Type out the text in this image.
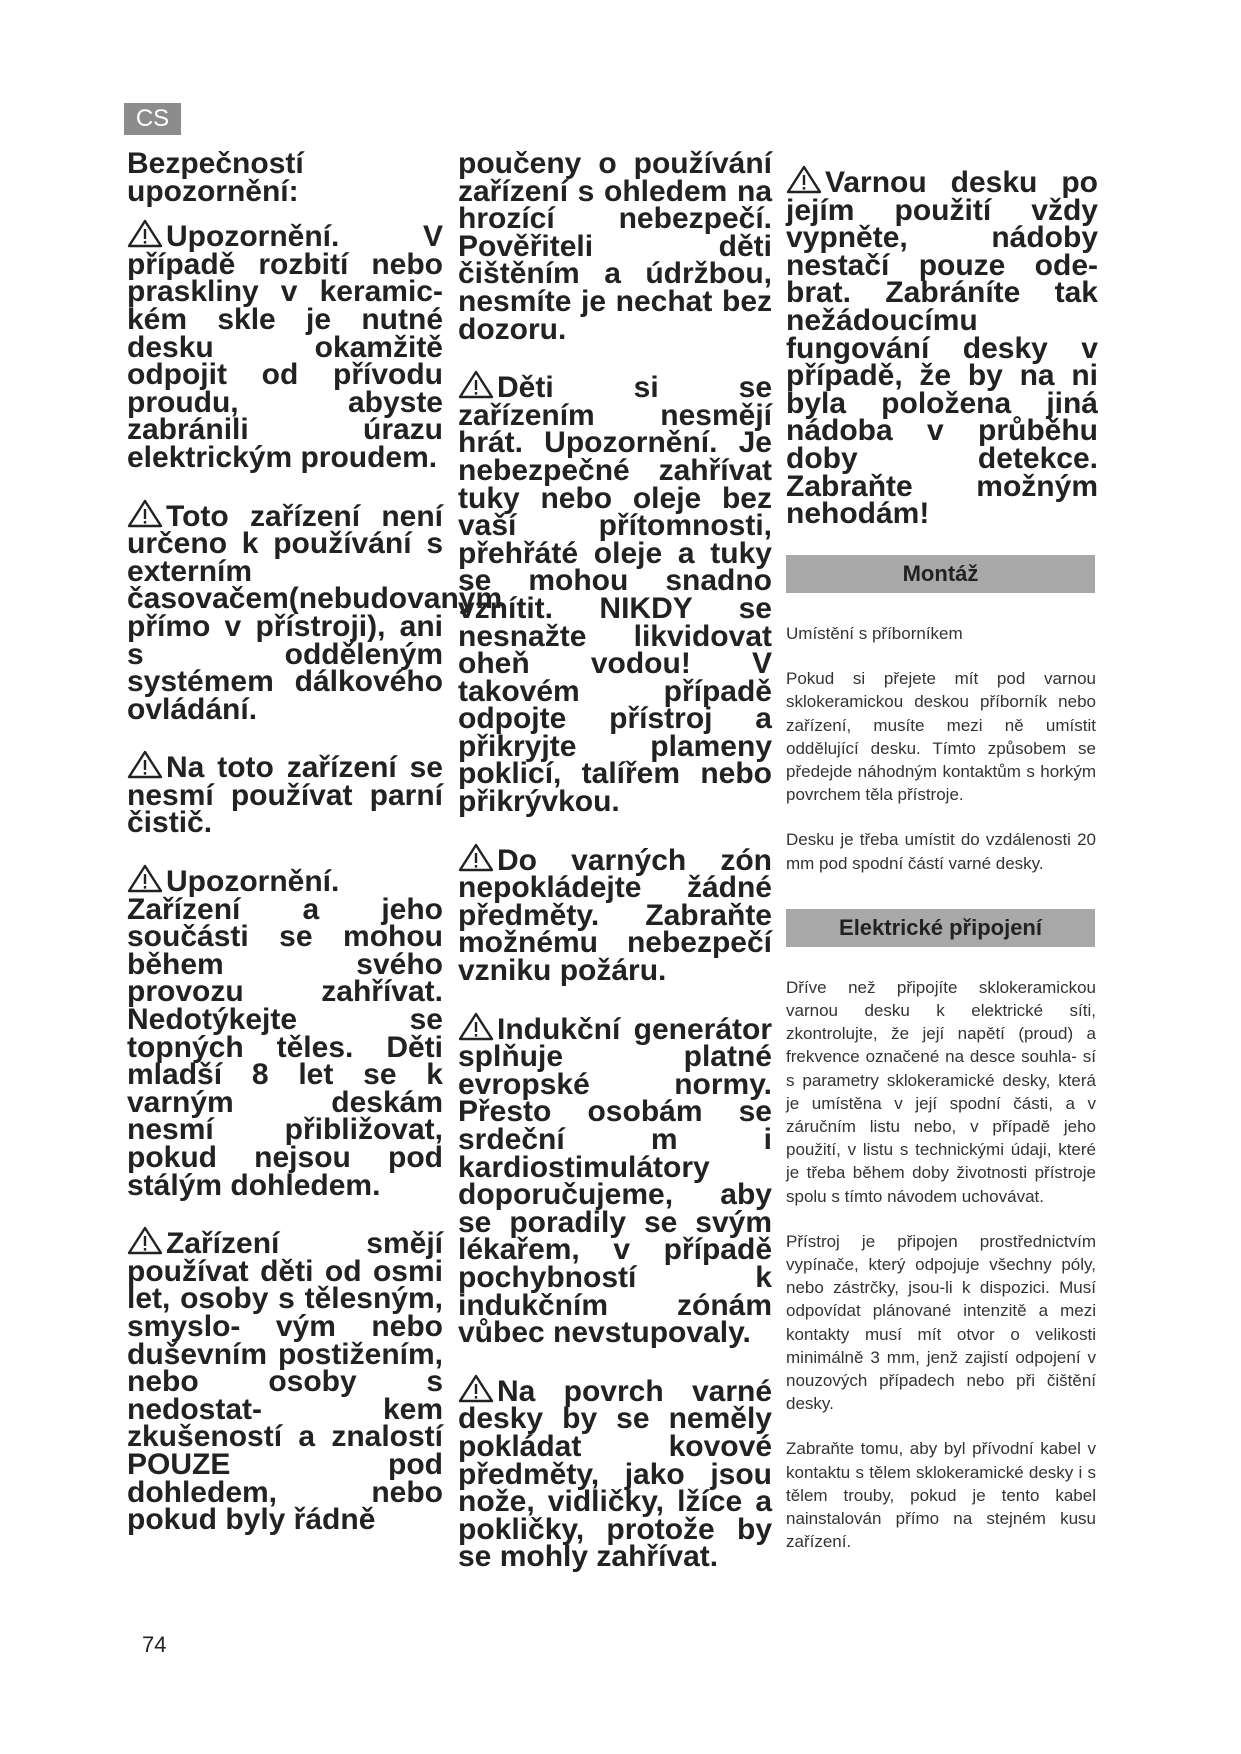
CS

Bezpečností upozornění:

Upozornění. V případě rozbití nebo praskliny v keramic- kém skle je nutné desku okamžitě odpojit od přívodu proudu, abyste zabránili úrazu elektrickým proudem.

Toto zařízení není určeno k používání s externím časovačem(nebudovaným přímo v přístroji), ani s odděleným systémem dálkového ovládání.

Na toto zařízení se nesmí používat parní čistič.

Upozornění. Zařízení a jeho součásti se mohou během svého provozu zahřívat. Nedotýkejte se topných těles. Děti mladší 8 let se k varným deskám nesmí přibližovat, pokud nejsou pod stálým dohledem.

Zařízení smějí používat děti od osmi let, osoby s tělesným, smyslo- vým nebo duševním postižením, nebo osoby s nedostat- kem zkušeností a znalostí POUZE pod dohledem, nebo pokud byly řádně

poučeny o používání zařízení s ohledem na hrozící nebezpečí. Pověřiteli děti čištěním a údržbou, nesmíte je nechat bez dozoru.

Děti si se zařízením nesmějí hrát. Upozornění. Je nebezpečné zahřívat tuky nebo oleje bez vaší přítomnosti, přehřáté oleje a tuky se mohou snadno vznítit. NIKDY se nesnažte likvidovat oheň vodou! V takovém případě odpojte přístroj a přikryjte plameny poklicí, talířem nebo přikrývkou.

Do varných zón nepokládejte žádné předměty. Zabraňte možnému nebezpečí vzniku požáru.

Indukční generátor splňuje platné evropské normy. Přesto osobám se srdeční m i kardiostimulátory doporučujeme, aby se poradily se svým lékařem, v případě pochybností k indukčním zónám vůbec nevstupovaly.

Na povrch varné desky by se neměly pokládat kovové předměty, jako jsou nože, vidličky, lžíce a pokličky, protože by se mohly zahřívat.

Varnou desku po jejím použití vždy vypněte, nádoby nestačí pouze ode- brat. Zabráníte tak nežádoucímu fungování desky v případě, že by na ni byla položena jiná nádoba v průběhu doby detekce. Zabraňte možným nehodám!

Montáž

Umístění s příborníkem

Pokud si přejete mít pod varnou sklokeramickou deskou příborník nebo zařízení, musíte mezi ně umístit oddělující desku. Tímto způsobem se předejde náhodným kontaktům s horkým povrchem těla přístroje.

Desku je třeba umístit do vzdálenosti 20 mm pod spodní částí varné desky.

Elektrické připojení

Dříve než připojíte sklokeramickou varnou desku k elektrické síti, zkontrolujte, že její napětí (proud) a frekvence označené na desce souhla- sí s parametry sklokeramické desky, která je umístěna v její spodní části, a v záručním listu nebo, v případě jeho použití, v listu s technickými údaji, které je třeba během doby životnosti přístroje spolu s tímto návodem uchovávat.

Přístroj je připojen prostřednictvím vypínače, který odpojuje všechny póly, nebo zástrčky, jsou-li k dispozici. Musí odpovídat plánované intenzitě a mezi kontakty musí mít otvor o velikosti minimálně 3 mm, jenž zajistí odpojení v nouzových případech nebo při čištění desky.

Zabraňte tomu, aby byl přívodní kabel v kontaktu s tělem sklokeramické desky i s tělem trouby, pokud je tento kabel nainstalován přímo na stejném kusu zařízení.

74
